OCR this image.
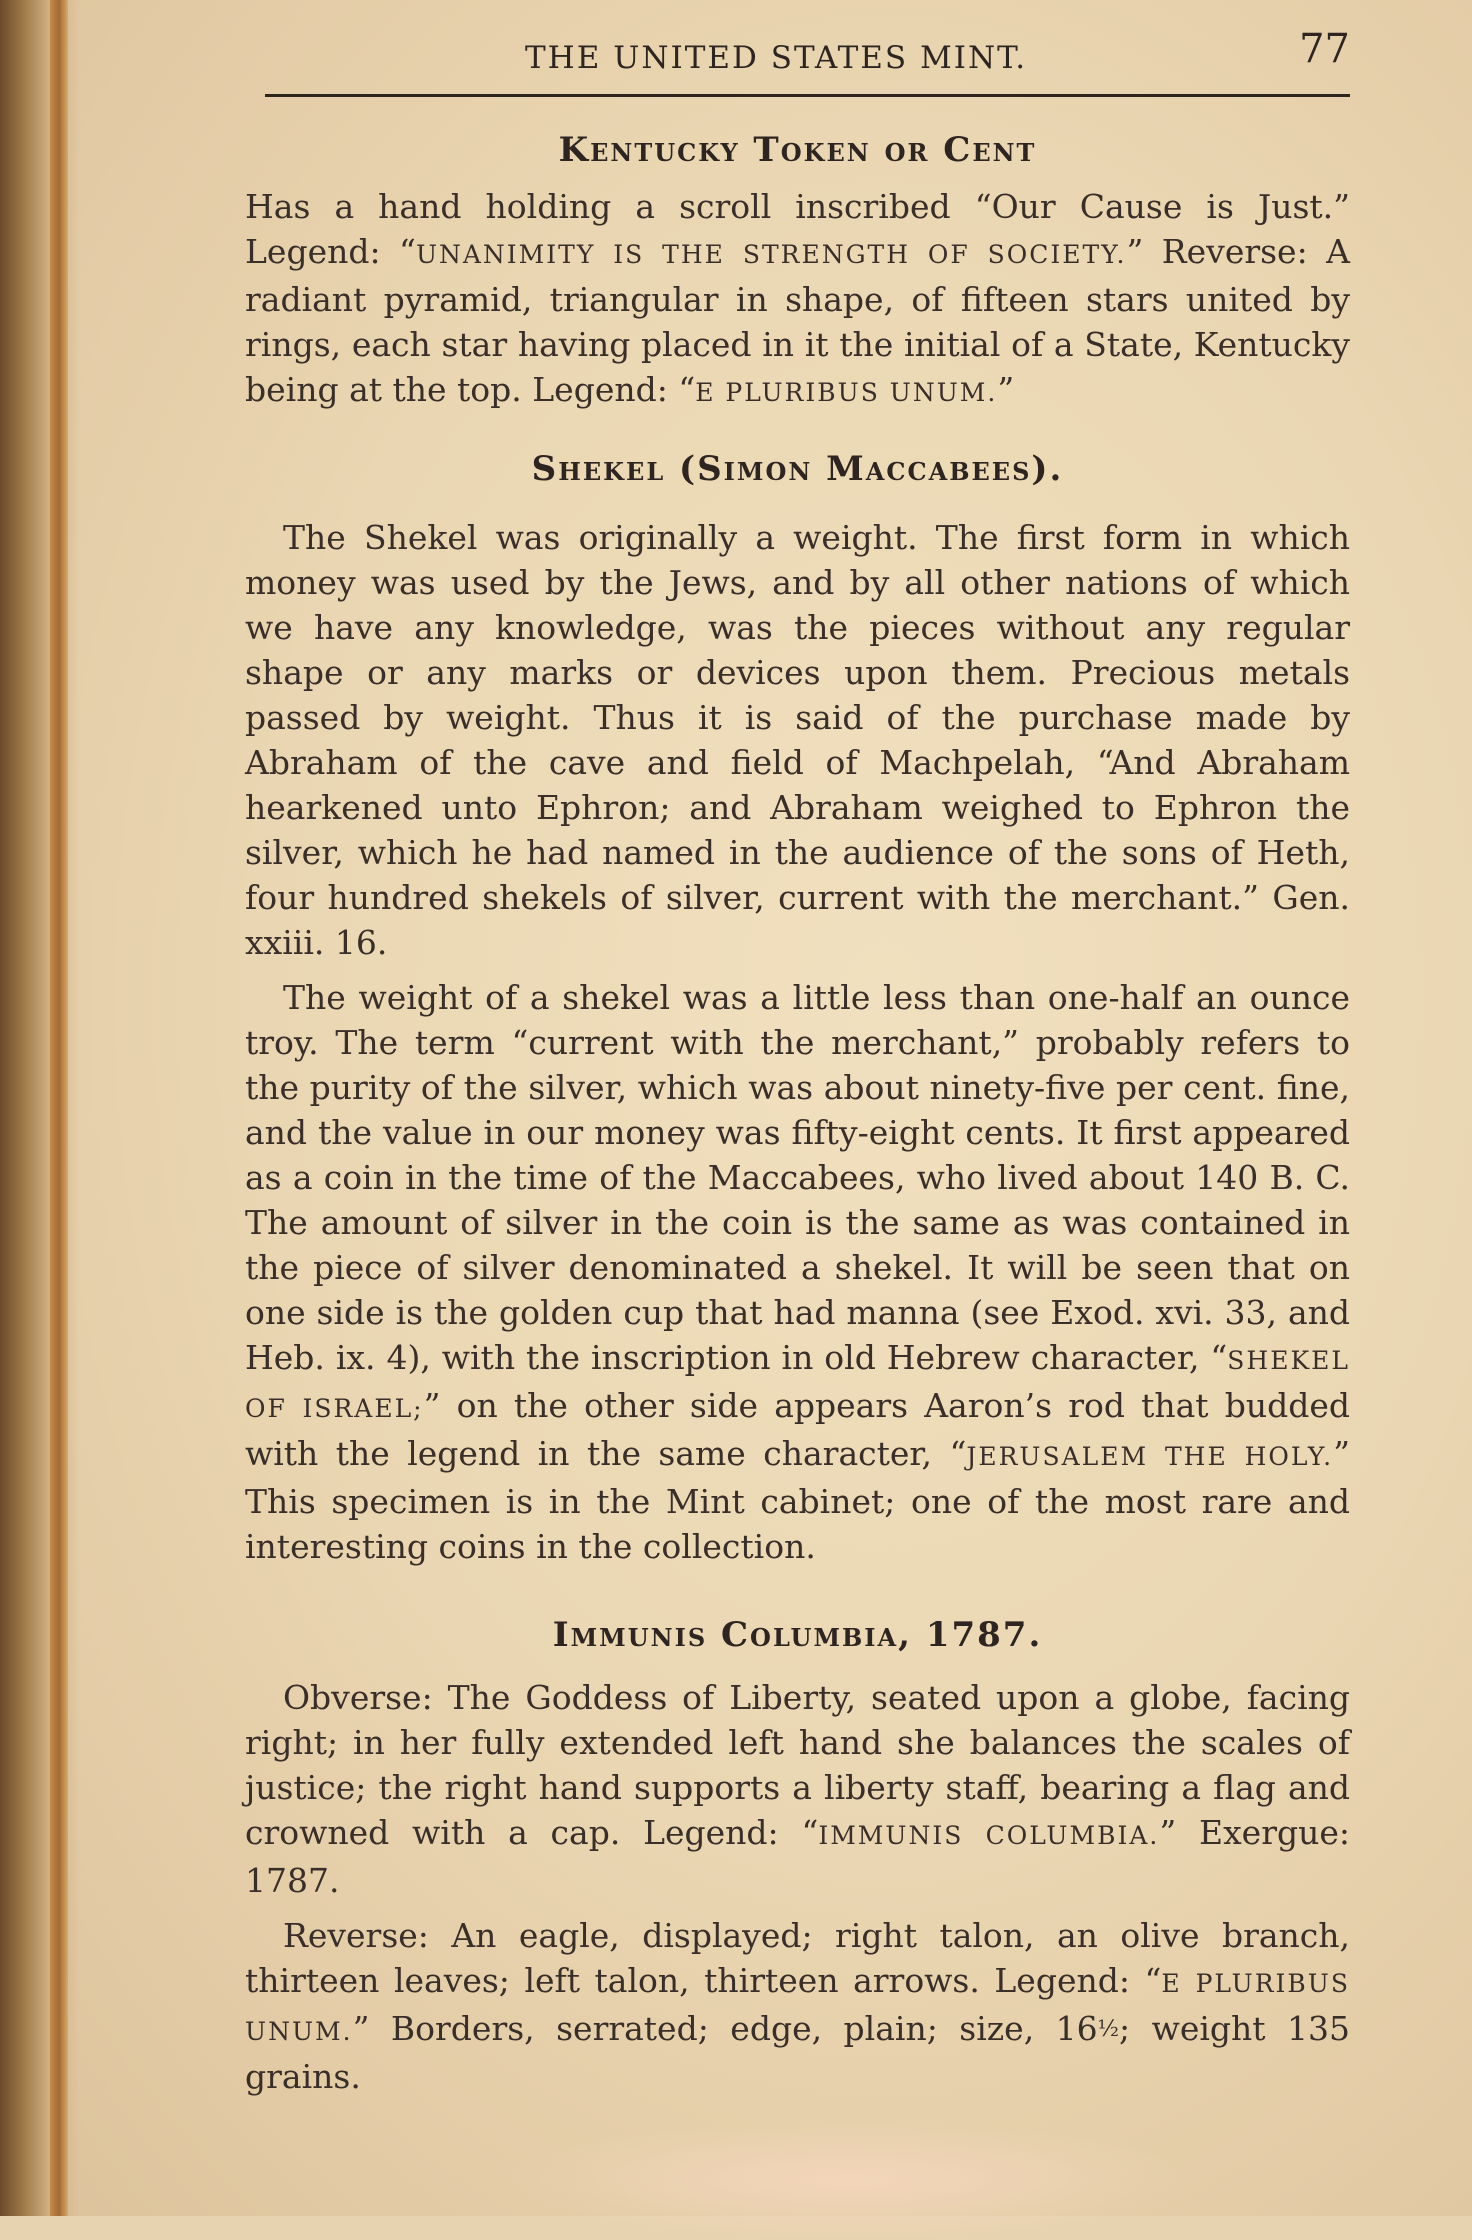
THE UNITED STATES MINT.	77
Kentucky Token or Cent

Has a hand holding a scroll inscribed “Our Cause is Just.” Legend: “UNANIMITY IS THE STRENGTH OF SOCIETY.” Reverse: A radiant pyramid, triangular in shape, of fifteen stars united by rings, each star having placed in it the initial of a State, Kentucky being at the top. Legend: “E PLURIBUS UNUM.”

Shekel (Simon Maccabees).

The Shekel was originally a weight. The first form in which money was used by the Jews, and by all other nations of which we have any knowledge, was the pieces without any regular shape or any marks or devices upon them. Precious metals passed by weight. Thus it is said of the purchase made by Abraham of the cave and field of Machpelah, “And Abraham hearkened unto Ephron; and Abraham weighed to Ephron the silver, which he had named in the audience of the sons of Heth, four hundred shekels of silver, current with the merchant.” Gen. xxiii. 16.

The weight of a shekel was a little less than one-half an ounce troy. The term “current with the merchant,” probably refers to the purity of the silver, which was about ninety-five per cent. fine, and the value in our money was fifty-eight cents. It first appeared as a coin in the time of the Maccabees, who lived about 140 B. C. The amount of silver in the coin is the same as was contained in the piece of silver denominated a shekel. It will be seen that on one side is the golden cup that had manna (see Exod. xvi. 33, and Heb. ix. 4), with the inscription in old Hebrew character, “SHEKEL OF ISRAEL;” on the other side appears Aaron’s rod that budded with the legend in the same character, “JERUSALEM THE HOLY.” This specimen is in the Mint cabinet; one of the most rare and interesting coins in the collection.

Immunis Columbia, 1787.

Obverse: The Goddess of Liberty, seated upon a globe, facing right; in her fully extended left hand she balances the scales of justice; the right hand supports a liberty staff, bearing a flag and crowned with a cap. Legend: “IMMUNIS COLUMBIA.” Exergue: 1787.

Reverse: An eagle, displayed; right talon, an olive branch, thirteen leaves; left talon, thirteen arrows. Legend: “E PLURIBUS UNUM.” Borders, serrated; edge, plain; size, 16½; weight 135 grains.
